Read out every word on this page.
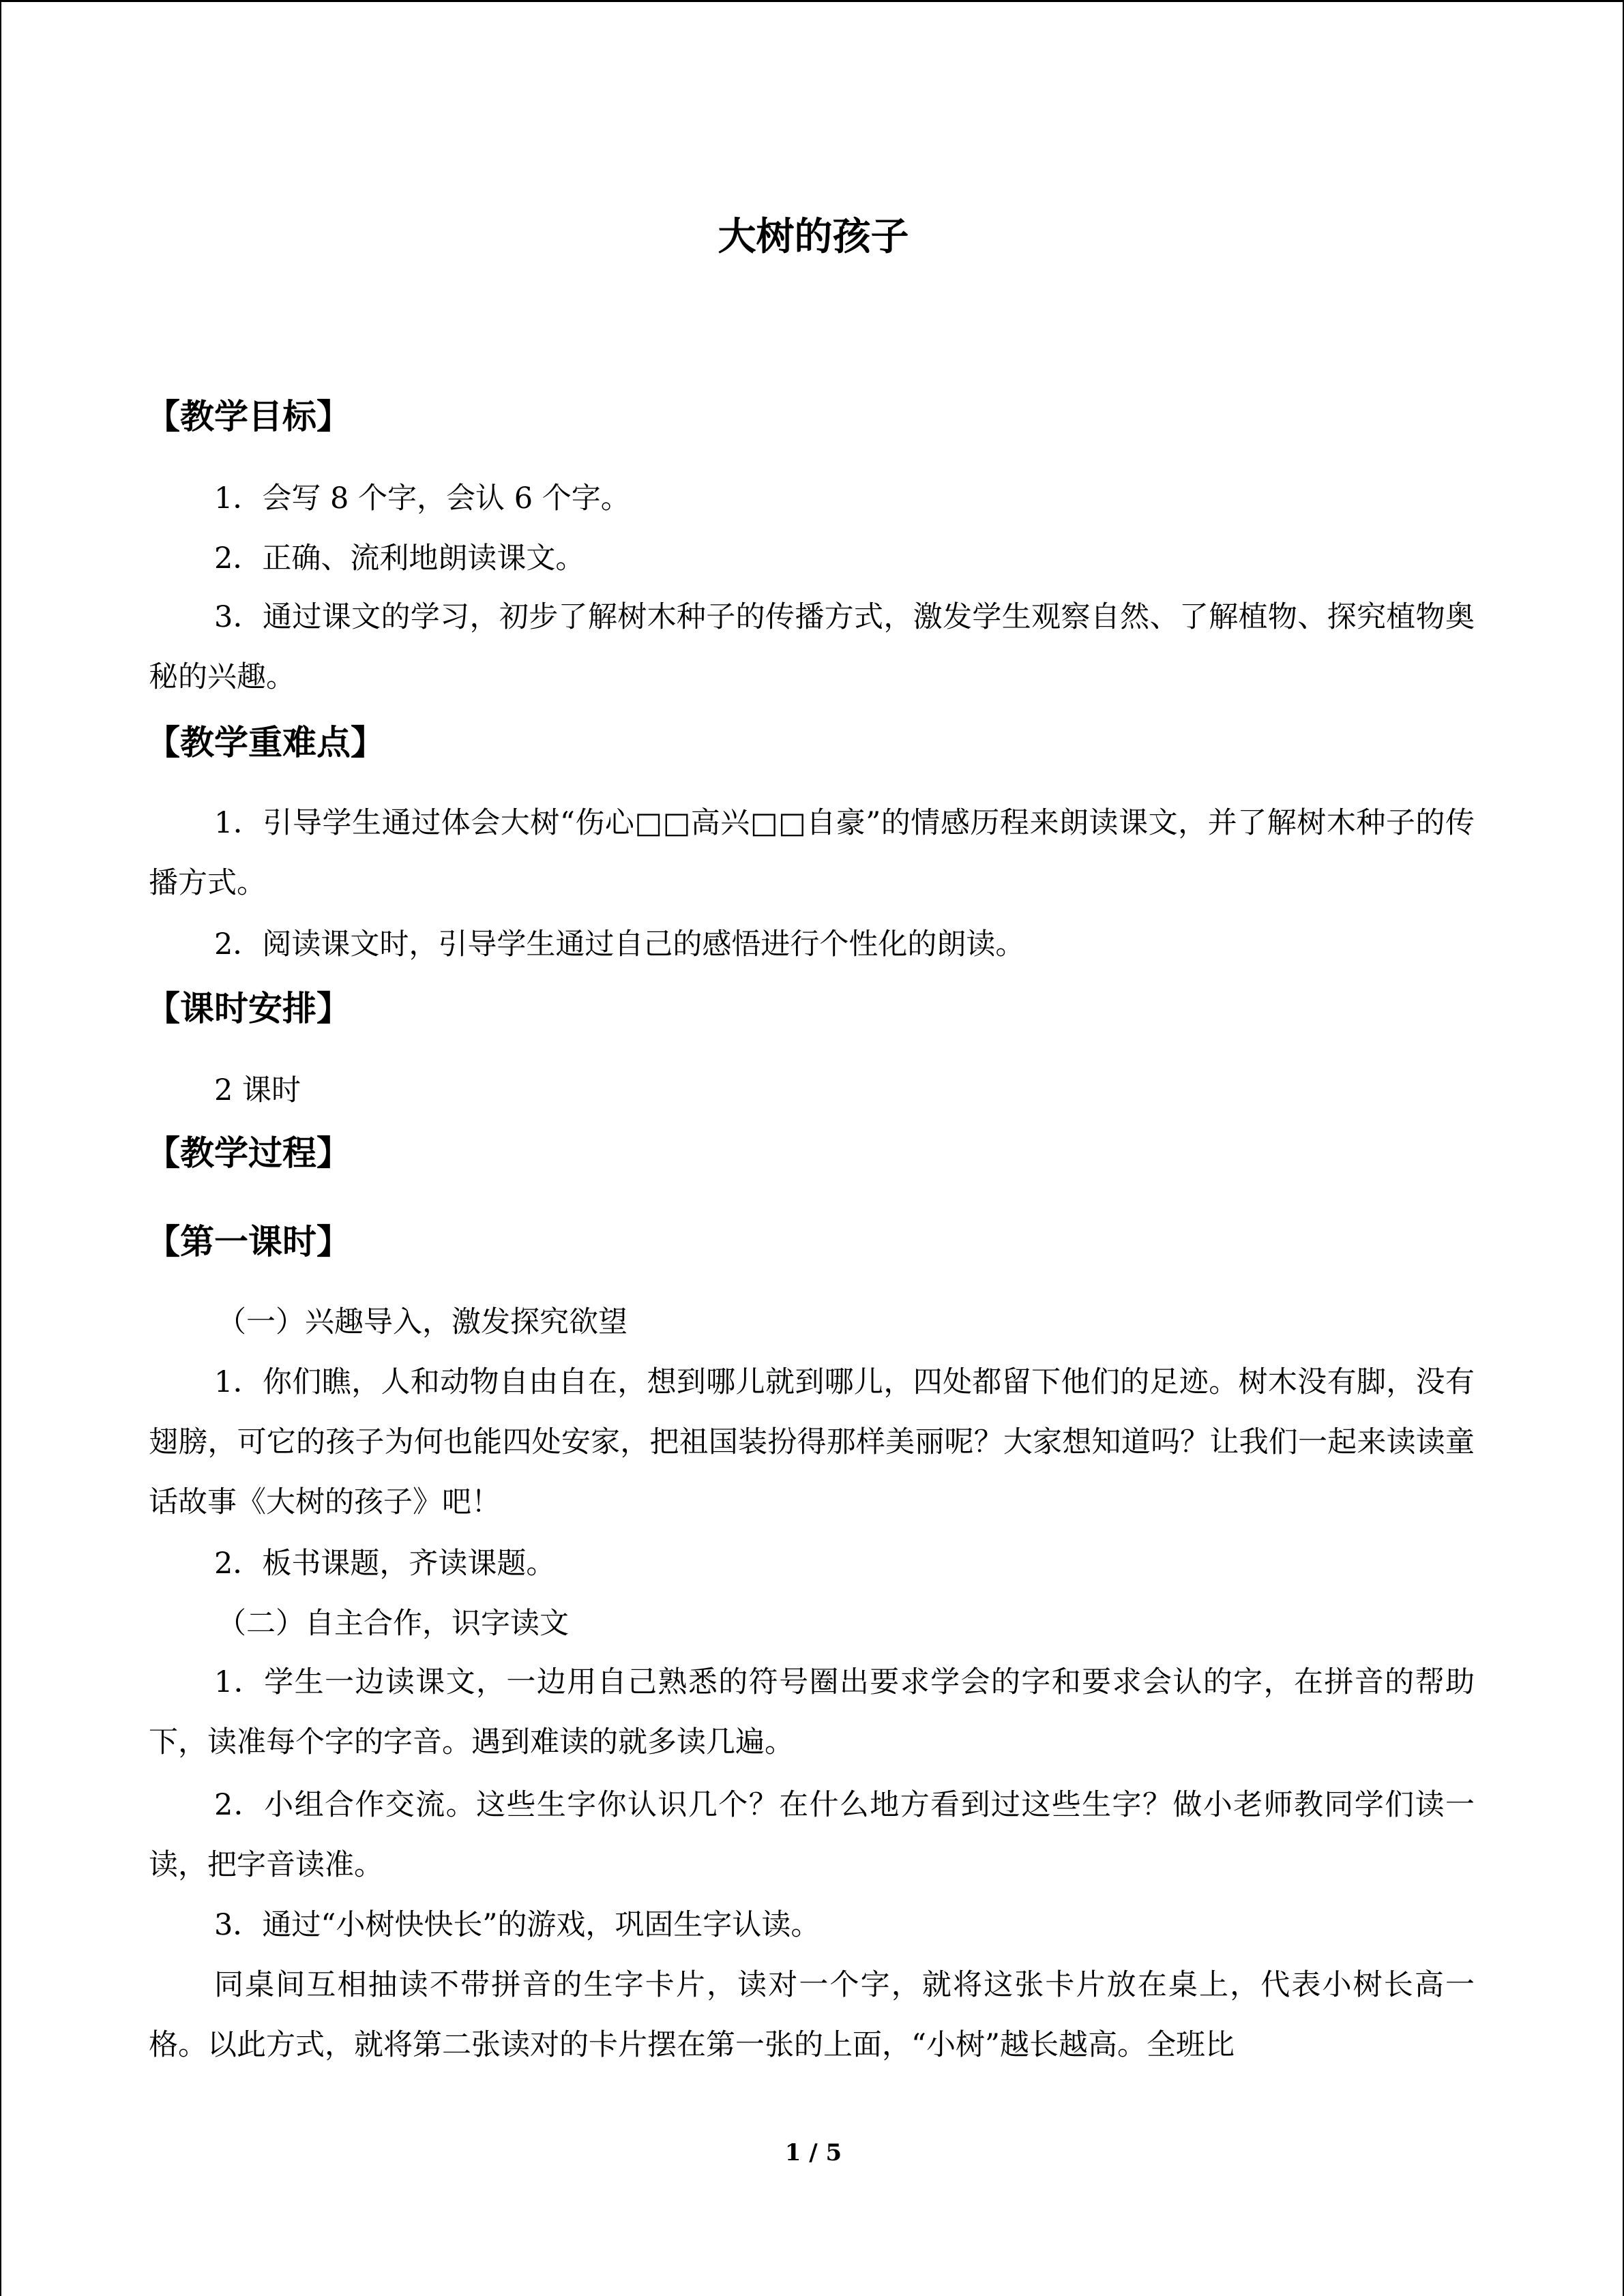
大树的孩子
【教学目标】
1．会写 8 个字，会认 6 个字。
2．正确、流利地朗读课文。
3．通过课文的学习，初步了解树木种子的传播方式，激发学生观察自然、了解植物、探究植物奥秘的兴趣。
【教学重难点】
1．引导学生通过体会大树“伤心□□高兴□□自豪”的情感历程来朗读课文，并了解树木种子的传播方式。
2．阅读课文时，引导学生通过自己的感悟进行个性化的朗读。
【课时安排】
2 课时
【教学过程】
【第一课时】
（一）兴趣导入，激发探究欲望
1．你们瞧，人和动物自由自在，想到哪儿就到哪儿，四处都留下他们的足迹。树木没有脚，没有翅膀，可它的孩子为何也能四处安家，把祖国装扮得那样美丽呢？大家想知道吗？让我们一起来读读童话故事《大树的孩子》吧！
2．板书课题，齐读课题。
（二）自主合作，识字读文
1．学生一边读课文，一边用自己熟悉的符号圈出要求学会的字和要求会认的字，在拼音的帮助下，读准每个字的字音。遇到难读的就多读几遍。
2．小组合作交流。这些生字你认识几个？在什么地方看到过这些生字？做小老师教同学们读一读，把字音读准。
3．通过“小树快快长”的游戏，巩固生字认读。
同桌间互相抽读不带拼音的生字卡片，读对一个字，就将这张卡片放在桌上，代表小树长高一格。以此方式，就将第二张读对的卡片摆在第一张的上面，“小树”越长越高。全班比
1 / 5
